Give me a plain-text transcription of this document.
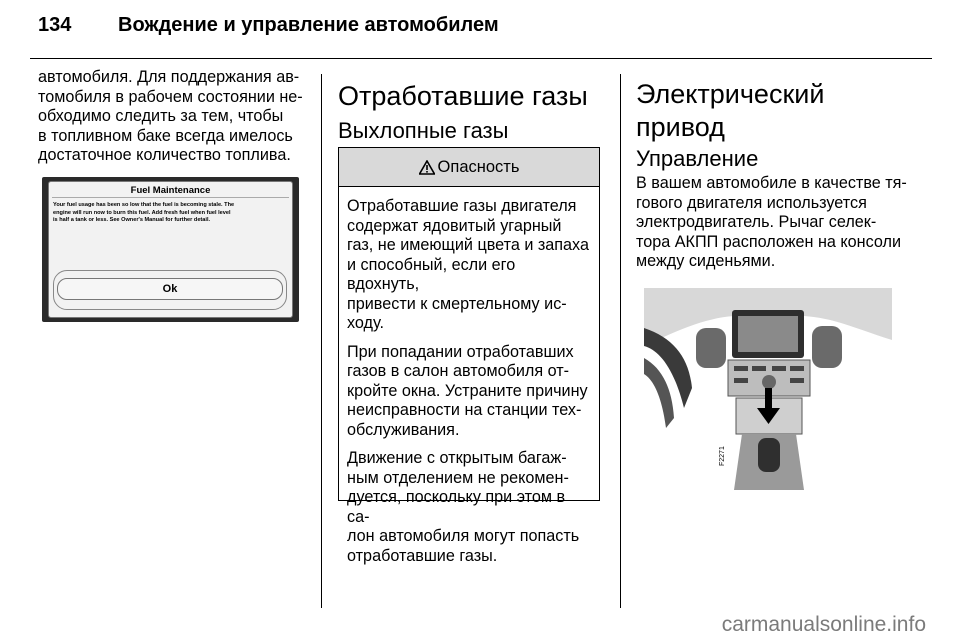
134 Вождение и управление автомобилем

автомобиля. Для поддержания ав-

томобиля в рабочем состоянии не-

обходимо следить за тем, чтобы

в топливном баке всегда имелось

достаточное количество топлива.

Fuel Maintenance
Your fuel usage has been so low that the fuel is becoming stale. The
engine will run now to burn this fuel. Add fresh fuel when fuel level
is half a tank or less. See Owner's Manual for further detail.
Ok
Отработавшие газы
Выхлопные газы
Опасность

Отработавшие газы двигателя
содержат ядовитый угарный
газ, не имеющий цвета и запаха
и способный, если его вдохнуть,
привести к смертельному ис-
ходу.

При попадании отработавших
газов в салон автомобиля от-
кройте окна. Устраните причину
неисправности на станции тех-
обслуживания.

Движение с открытым багаж-
ным отделением не рекомен-
дуется, поскольку при этом в са-
лон автомобиля могут попасть
отработавшие газы.

Электрический
привод
Управление

В вашем автомобиле в качестве тя-

гового двигателя используется

электродвигатель. Рычаг селек-

тора АКПП расположен на консоли

между сиденьями.

F2271
carmanualsonline.info
